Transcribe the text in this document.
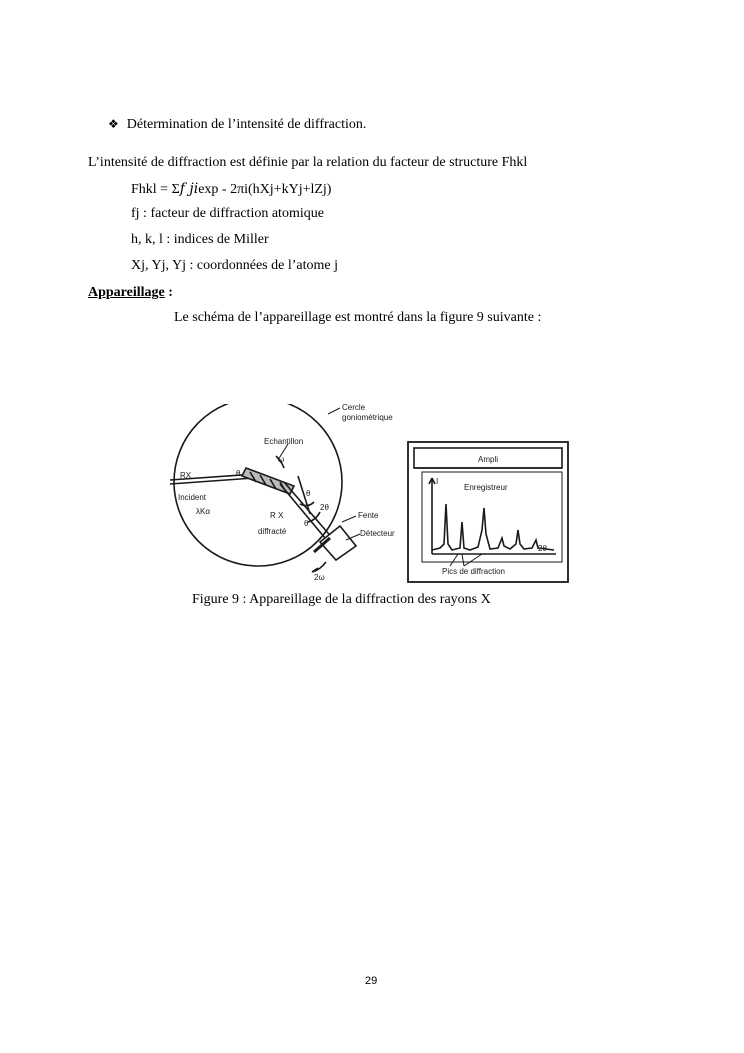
❖ Détermination de l’intensité de diffraction.
L’intensité de diffraction est définie par la relation du facteur de structure Fhkl
Fhkl = Σ𝑓 𝑗𝑖exp - 2πi(hXj+kYj+lZj)
fj : facteur de diffraction atomique
h, k, l : indices de Miller
Xj, Yj, Yj : coordonnées de l’atome j
Appareillage :
Le schéma de l’appareillage est montré dans la figure 9 suivante :
Cercle
goniométrique
Echantillon
RX
Incident
λKα
θ
ω
θ
2θ
R X
diffracté
θ
Fente
Détecteur
2ω
Ampli
Enregistreur
I
2θ
Pics de diffraction
Figure 9 : Appareillage de la diffraction des rayons X
29
